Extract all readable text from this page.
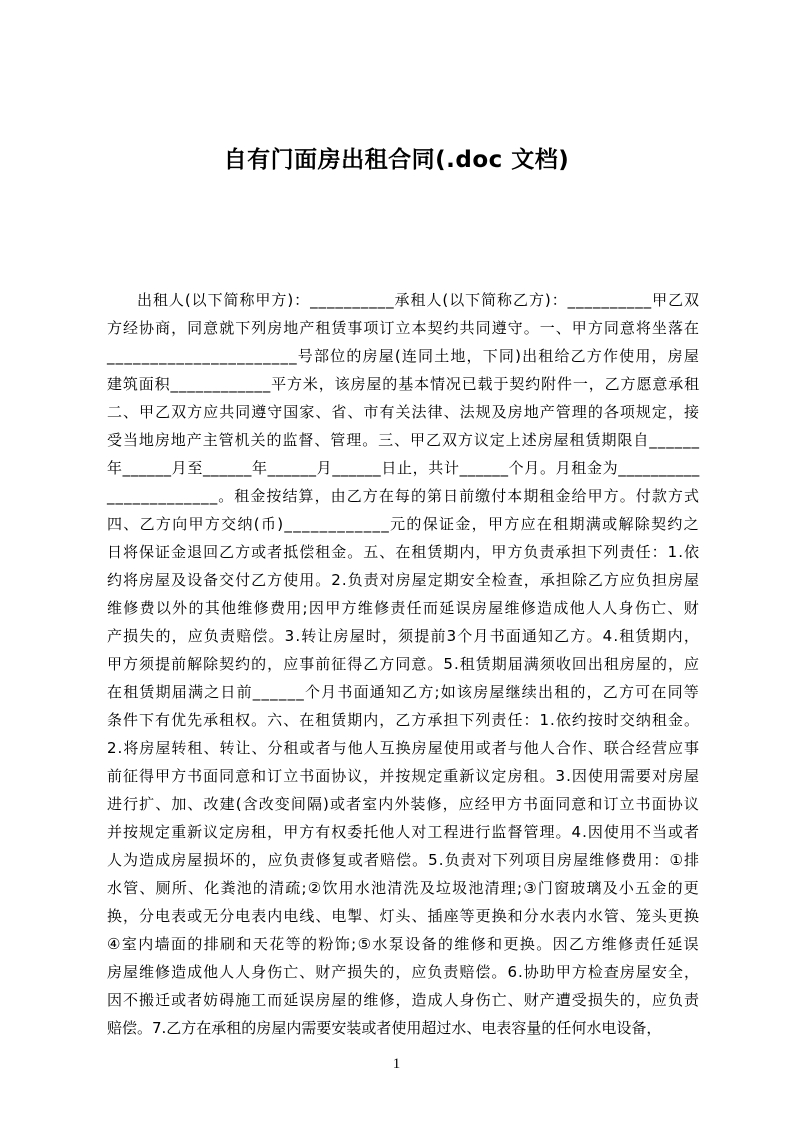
自有门面房出租合同(.doc 文档)
出租人(以下简称甲方)：__________承租人(以下简称乙方)：__________甲乙双
方经协商，同意就下列房地产租赁事项订立本契约共同遵守。一、甲方同意将坐落在
______________________号部位的房屋(连同土地，下同)出租给乙方作使用，房屋
建筑面积____________平方米，该房屋的基本情况已载于契约附件一，乙方愿意承租
二、甲乙双方应共同遵守国家、省、市有关法律、法规及房地产管理的各项规定，接
受当地房地产主管机关的监督、管理。三、甲乙双方议定上述房屋租赁期限自______
年______月至______年______月______日止，共计______个月。月租金为__________
_____________。租金按结算，由乙方在每的第日前缴付本期租金给甲方。付款方式
四、乙方向甲方交纳(币)____________元的保证金，甲方应在租期满或解除契约之
日将保证金退回乙方或者抵偿租金。五、在租赁期内，甲方负责承担下列责任：1.依
约将房屋及设备交付乙方使用。2.负责对房屋定期安全检查，承担除乙方应负担房屋
维修费以外的其他维修费用;因甲方维修责任而延误房屋维修造成他人人身伤亡、财
产损失的，应负责赔偿。3.转让房屋时，须提前3个月书面通知乙方。4.租赁期内，
甲方须提前解除契约的，应事前征得乙方同意。5.租赁期届满须收回出租房屋的，应
在租赁期届满之日前______个月书面通知乙方;如该房屋继续出租的，乙方可在同等
条件下有优先承租权。六、在租赁期内，乙方承担下列责任：1.依约按时交纳租金。
2.将房屋转租、转让、分租或者与他人互换房屋使用或者与他人合作、联合经营应事
前征得甲方书面同意和订立书面协议，并按规定重新议定房租。3.因使用需要对房屋
进行扩、加、改建(含改变间隔)或者室内外装修，应经甲方书面同意和订立书面协议
并按规定重新议定房租，甲方有权委托他人对工程进行监督管理。4.因使用不当或者
人为造成房屋损坏的，应负责修复或者赔偿。5.负责对下列项目房屋维修费用：①排
水管、厕所、化粪池的清疏;②饮用水池清洗及垃圾池清理;③门窗玻璃及小五金的更
换，分电表或无分电表内电线、电掣、灯头、插座等更换和分水表内水管、笼头更换
④室内墙面的排刷和天花等的粉饰;⑤水泵设备的维修和更换。因乙方维修责任延误
房屋维修造成他人人身伤亡、财产损失的，应负责赔偿。6.协助甲方检查房屋安全，
因不搬迁或者妨碍施工而延误房屋的维修，造成人身伤亡、财产遭受损失的，应负责
赔偿。7.乙方在承租的房屋内需要安装或者使用超过水、电表容量的任何水电设备，
1
